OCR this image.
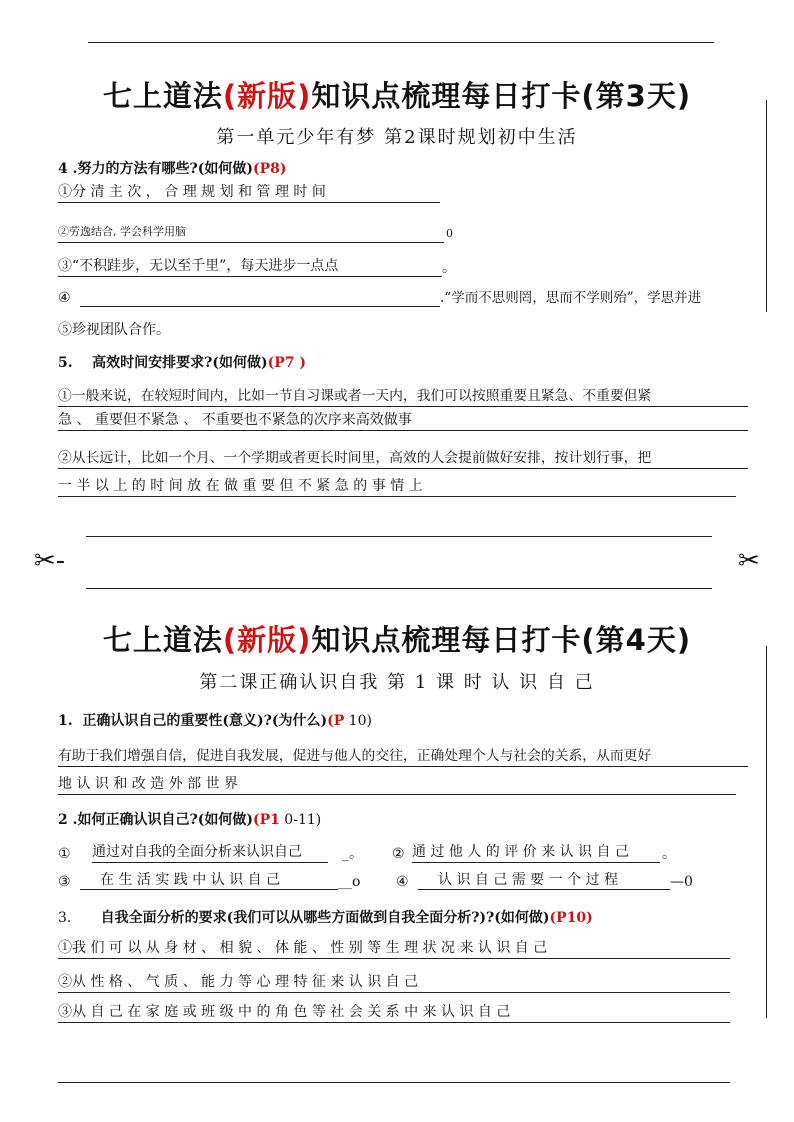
七上道法(新版)知识点梳理每日打卡(第3天)
第一单元少年有梦 第2课时规划初中生活
4 .努力的方法有哪些?(如何做)(P8)
①分 清 主 次 ， 合 理 规 划 和 管 理 时 间
②劳逸结合, 学会科学用脑	0
③“不积跬步，无以至千里”，每天进步一点点	。
④	.“学而不思则罔，思而不学则殆”，学思并进
⑤珍视团队合作。
5. 高效时间安排要求?(如何做)(P7 )
①一般来说，在较短时间内，比如一节自习课或者一天内，我们可以按照重要且紧急、不重要但紧
急 、 重要但不紧急 、 不重要也不紧急的次序来高效做事
②从长远计，比如一个月、一个学期或者更长时间里，高效的人会提前做好安排，按计划行事，把
一 半 以 上 的 时 间 放 在 做 重 要 但 不 紧 急 的 事 情 上
✂-	✂
七上道法(新版)知识点梳理每日打卡(第4天)
第二课正确认识自我 第 1 课 时 认 识 自 己
1. 正确认识自己的重要性(意义)?(为什么)(P 10)
有助于我们增强自信，促进自我发展，促进与他人的交往，正确处理个人与社会的关系，从而更好
地 认 识 和 改 造 外 部 世 界
2 .如何正确认识自己?(如何做)(P1 0-11)
① 通过对自我的全面分析来认识自己	_。 ② 通 过 他 人 的 评 价 来 认 识 自 己	。
③	在 生 活 实 践 中 认 识 自 己	__o	④	认 识 自 己 需 要 一 个 过 程	—0
3. 自我全面分析的要求(我们可以从哪些方面做到自我全面分析?)?(如何做)(P10)
①我 们 可 以 从 身 材 、 相 貌 、 体 能 、 性 别 等 生 理 状 况 来 认 识 自 己
②从 性 格 、 气 质 、 能 力 等 心 理 特 征 来 认 识 自 己
③从 自 己 在 家 庭 或 班 级 中 的 角 色 等 社 会 关 系 中 来 认 识 自 己
